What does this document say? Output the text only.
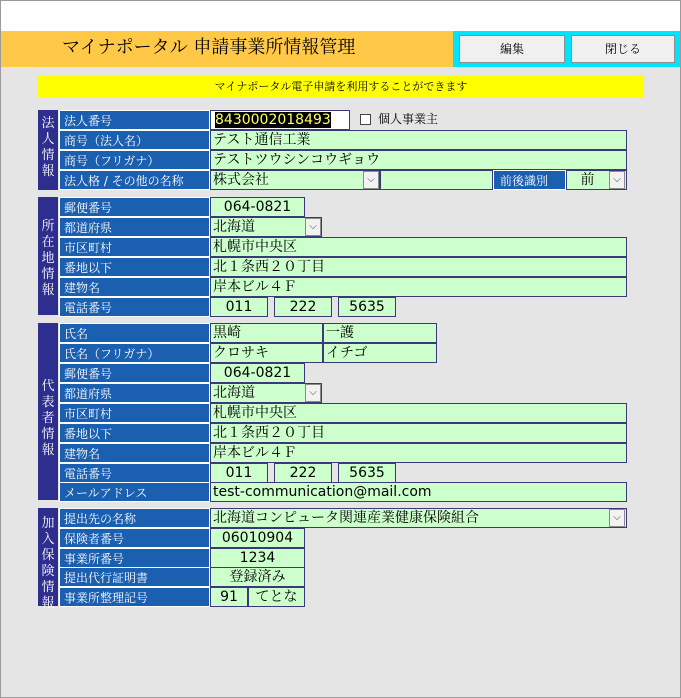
マイナポータル 申請事業所情報管理	編集	閉じる
マイナポータル電子申請を利用することができます
法人情報
法人番号	8430002018493	個人事業主
商号（法人名）	テスト通信工業
商号（フリガナ）	テストツウシンコウギョウ
法人格 / その他の名称	株式会社	⌵	前後識別	前	⌵
所在地情報
郵便番号	064-0821
都道府県	北海道	⌵
市区町村	札幌市中央区
番地以下	北１条西２０丁目
建物名	岸本ビル４Ｆ
電話番号	011	222	5635
代表者情報
氏名	黒崎	一護
氏名（フリガナ）	クロサキ	イチゴ
郵便番号	064-0821
都道府県	北海道	⌵
市区町村	札幌市中央区
番地以下	北１条西２０丁目
建物名	岸本ビル４Ｆ
電話番号	011	222	5635
メールアドレス	test-communication@mail.com
加入保険情報
提出先の名称	北海道コンピュータ関連産業健康保険組合	⌵
保険者番号	06010904
事業所番号	1234
提出代行証明書	登録済み
事業所整理記号	91	てとな
